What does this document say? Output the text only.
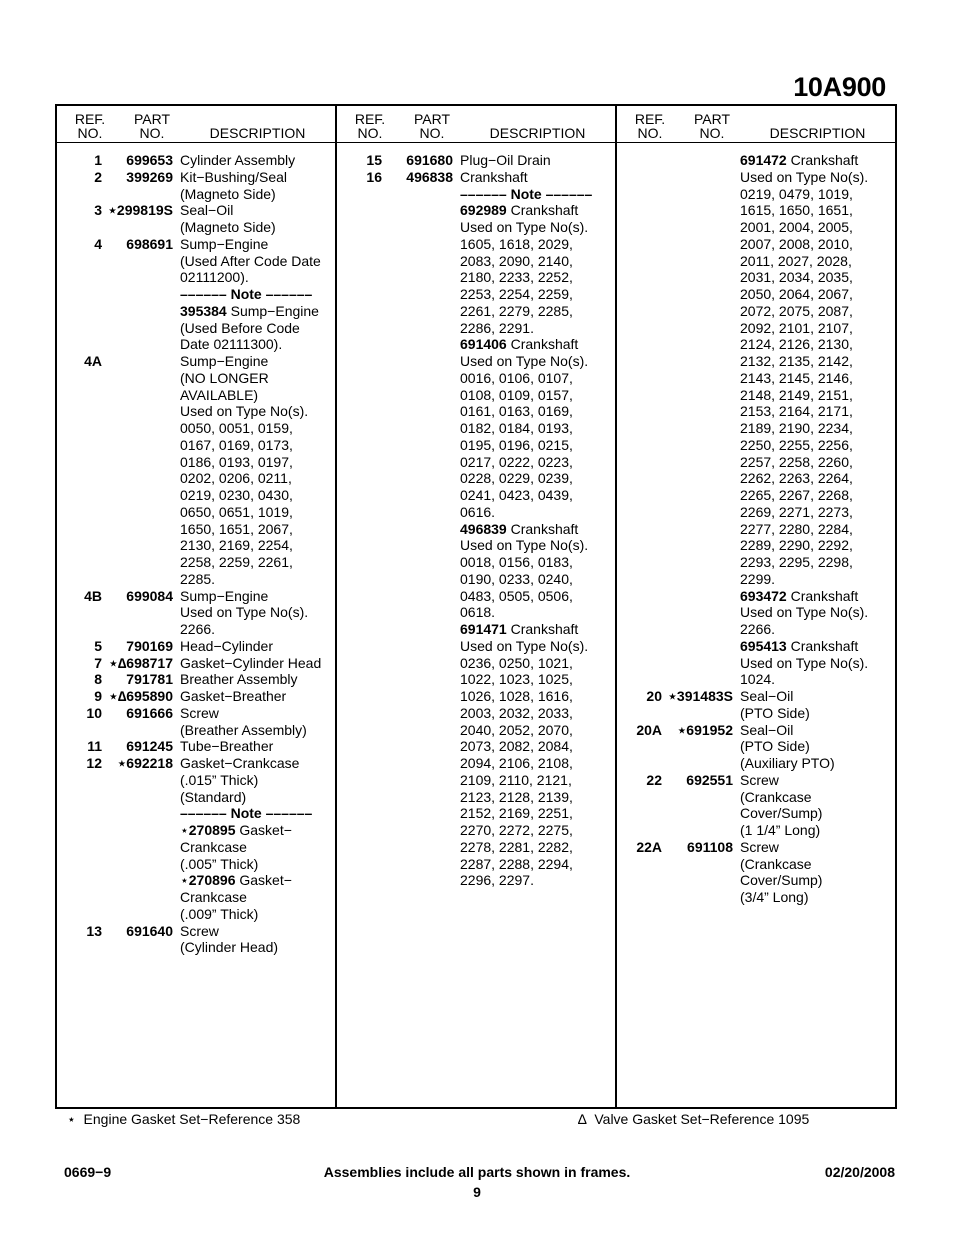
10A900
REF.
NO.
PART
NO.	DESCRIPTION
1	699653 Cylinder Assembly
2	399269 Kit−Bushing/Seal
(Magneto Side)
3 ⋆299819S Seal−Oil
(Magneto Side)
4	698691 Sump−Engine
(Used After Code Date
02111200).
–––––– Note ––––––
395384 Sump−Engine
(Used Before Code
Date 02111300).
4A	Sump−Engine
(NO LONGER
AVAILABLE)
Used on Type No(s).
0050, 0051, 0159,
0167, 0169, 0173,
0186, 0193, 0197,
0202, 0206, 0211,
0219, 0230, 0430,
0650, 0651, 1019,
1650, 1651, 2067,
2130, 2169, 2254,
2258, 2259, 2261,
2285.
4B	699084 Sump−Engine
Used on Type No(s).
2266.
5	790169 Head−Cylinder
7 ⋆∆698717 Gasket−Cylinder Head
8	791781 Breather Assembly
9 ⋆∆695890 Gasket−Breather
10	691666 Screw
(Breather Assembly)
11	691245 Tube−Breather
12	⋆692218 Gasket−Crankcase
(.015” Thick)
(Standard)
–––––– Note ––––––
⋆270895 Gasket−
Crankcase
(.005” Thick)
⋆270896 Gasket−
Crankcase
(.009” Thick)
13	691640 Screw
(Cylinder Head)
REF.
NO.
PART
NO.	DESCRIPTION
15	691680 Plug−Oil Drain
16	496838 Crankshaft
–––––– Note ––––––
692989 Crankshaft
Used on Type No(s).
1605, 1618, 2029,
2083, 2090, 2140,
2180, 2233, 2252,
2253, 2254, 2259,
2261, 2279, 2285,
2286, 2291.
691406 Crankshaft
Used on Type No(s).
0016, 0106, 0107,
0108, 0109, 0157,
0161, 0163, 0169,
0182, 0184, 0193,
0195, 0196, 0215,
0217, 0222, 0223,
0228, 0229, 0239,
0241, 0423, 0439,
0616.
496839 Crankshaft
Used on Type No(s).
0018, 0156, 0183,
0190, 0233, 0240,
0483, 0505, 0506,
0618.
691471 Crankshaft
Used on Type No(s).
0236, 0250, 1021,
1022, 1023, 1025,
1026, 1028, 1616,
2003, 2032, 2033,
2040, 2052, 2070,
2073, 2082, 2084,
2094, 2106, 2108,
2109, 2110, 2121,
2123, 2128, 2139,
2152, 2169, 2251,
2270, 2272, 2275,
2278, 2281, 2282,
2287, 2288, 2294,
2296, 2297.
REF.
NO.
PART
NO.	DESCRIPTION
691472 Crankshaft
Used on Type No(s).
0219, 0479, 1019,
1615, 1650, 1651,
2001, 2004, 2005,
2007, 2008, 2010,
2011, 2027, 2028,
2031, 2034, 2035,
2050, 2064, 2067,
2072, 2075, 2087,
2092, 2101, 2107,
2124, 2126, 2130,
2132, 2135, 2142,
2143, 2145, 2146,
2148, 2149, 2151,
2153, 2164, 2171,
2189, 2190, 2234,
2250, 2255, 2256,
2257, 2258, 2260,
2262, 2263, 2264,
2265, 2267, 2268,
2269, 2271, 2273,
2277, 2280, 2284,
2289, 2290, 2292,
2293, 2295, 2298,
2299.
693472 Crankshaft
Used on Type No(s).
2266.
695413 Crankshaft
Used on Type No(s).
1024.
20 ⋆391483S Seal−Oil
(PTO Side)
20A	⋆691952 Seal−Oil
(PTO Side)
(Auxiliary PTO)
22	692551 Screw
(Crankcase
Cover/Sump)
(1 1/4” Long)
22A	691108 Screw
(Crankcase
Cover/Sump)
(3/4” Long)
⋆ Engine Gasket Set−Reference 358	∆ Valve Gasket Set−Reference 1095
0669−9	Assemblies include all parts shown in frames.
9
02/20/2008
